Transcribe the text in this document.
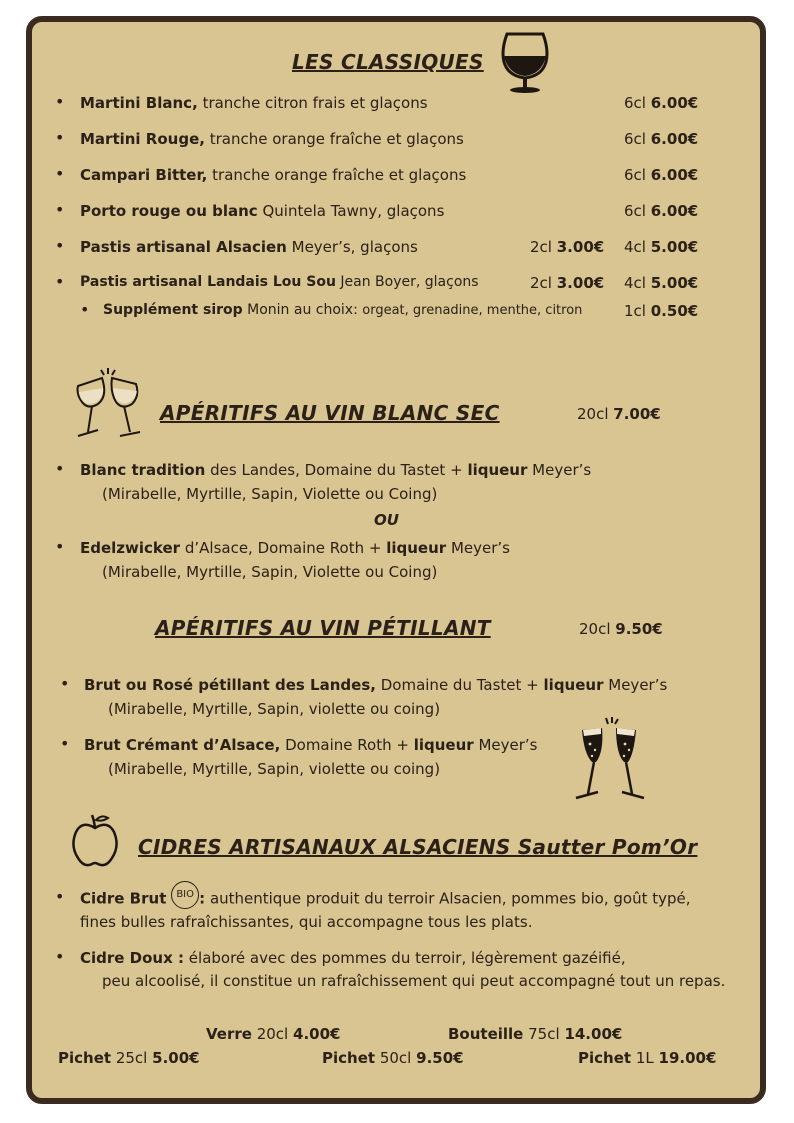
LES CLASSIQUES
• Martini Blanc, tranche citron frais et glaçons	6cl 6.00€
• Martini Rouge, tranche orange fraîche et glaçons	6cl 6.00€
• Campari Bitter, tranche orange fraîche et glaçons	6cl 6.00€
• Porto rouge ou blanc Quintela Tawny, glaçons	6cl 6.00€
• Pastis artisanal Alsacien Meyer’s, glaçons	2cl 3.00€ 4cl 5.00€
• Pastis artisanal Landais Lou Sou Jean Boyer, glaçons	2cl 3.00€ 4cl 5.00€
• Supplément sirop Monin au choix: orgeat, grenadine, menthe, citron	1cl 0.50€
APÉRITIFS AU VIN BLANC SEC	20cl 7.00€
• Blanc tradition des Landes, Domaine du Tastet + liqueur Meyer’s
(Mirabelle, Myrtille, Sapin, Violette ou Coing)
OU
• Edelzwicker d’Alsace, Domaine Roth + liqueur Meyer’s
(Mirabelle, Myrtille, Sapin, Violette ou Coing)
APÉRITIFS AU VIN PÉTILLANT	20cl 9.50€
• Brut ou Rosé pétillant des Landes, Domaine du Tastet + liqueur Meyer’s
(Mirabelle, Myrtille, Sapin, violette ou coing)
• Brut Crémant d’Alsace, Domaine Roth + liqueur Meyer’s
(Mirabelle, Myrtille, Sapin, violette ou coing)
CIDRES ARTISANAUX ALSACIENS Sautter Pom’Or
• Cidre Brut BIO : authentique produit du terroir Alsacien, pommes bio, goût typé,
fines bulles rafraîchissantes, qui accompagne tous les plats.
• Cidre Doux : élaboré avec des pommes du terroir, légèrement gazéifié,
peu alcoolisé, il constitue un rafraîchissement qui peut accompagné tout un repas.
Verre 20cl 4.00€	Bouteille 75cl 14.00€
Pichet 25cl 5.00€	Pichet 50cl 9.50€	Pichet 1L 19.00€
